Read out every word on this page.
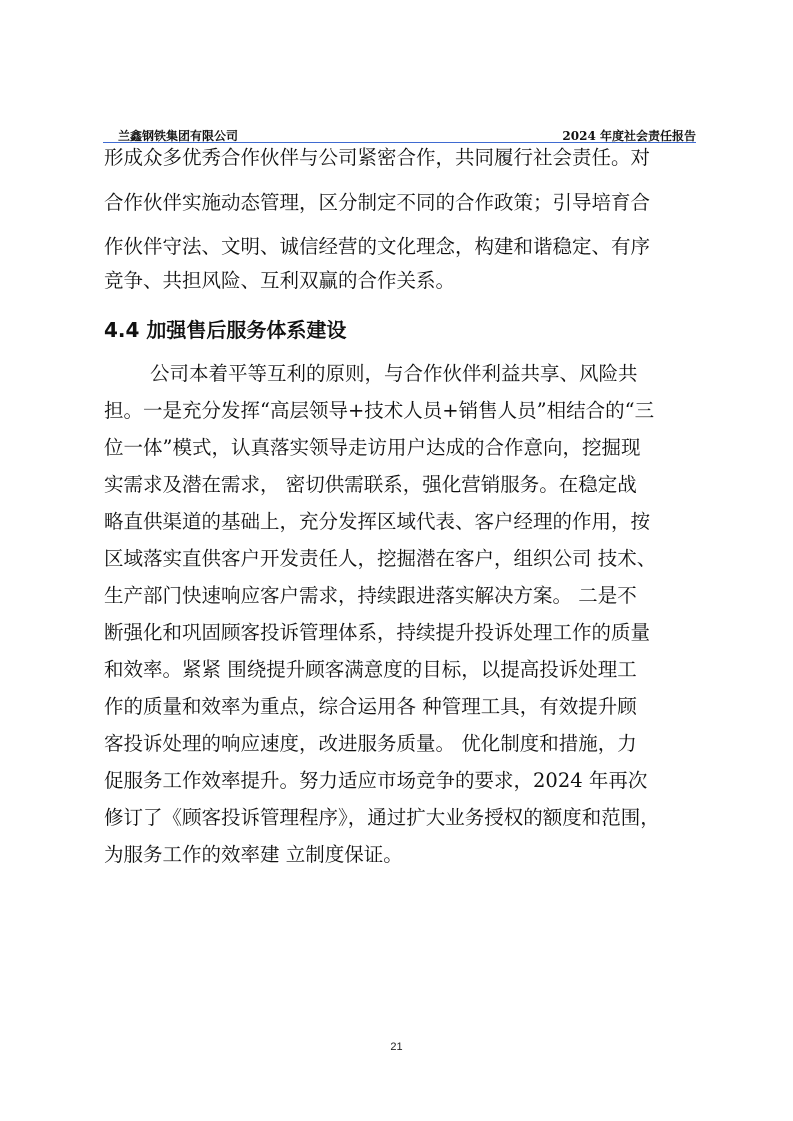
兰鑫钢铁集团有限公司	2024 年度社会责任报告
形成众多优秀合作伙伴与公司紧密合作，共同履行社会责任。对
合作伙伴实施动态管理，区分制定不同的合作政策；引导培育合
作伙伴守法、文明、诚信经营的文化理念，构建和谐稳定、有序
竞争、共担风险、互利双赢的合作关系。
4.4 加强售后服务体系建设
公司本着平等互利的原则，与合作伙伴利益共享、风险共
担。一是充分发挥“高层领导+技术人员+销售人员”相结合的“三
位一体”模式，认真落实领导走访用户达成的合作意向，挖掘现
实需求及潜在需求， 密切供需联系，强化营销服务。在稳定战
略直供渠道的基础上，充分发挥区域代表、客户经理的作用，按
区域落实直供客户开发责任人，挖掘潜在客户，组织公司 技术、
生产部门快速响应客户需求，持续跟进落实解决方案。 二是不
断强化和巩固顾客投诉管理体系，持续提升投诉处理工作的质量
和效率。紧紧 围绕提升顾客满意度的目标，以提高投诉处理工
作的质量和效率为重点，综合运用各 种管理工具，有效提升顾
客投诉处理的响应速度，改进服务质量。 优化制度和措施，力
促服务工作效率提升。努力适应市场竞争的要求，2024 年再次
修订了《顾客投诉管理程序》，通过扩大业务授权的额度和范围，
为服务工作的效率建 立制度保证。
21
